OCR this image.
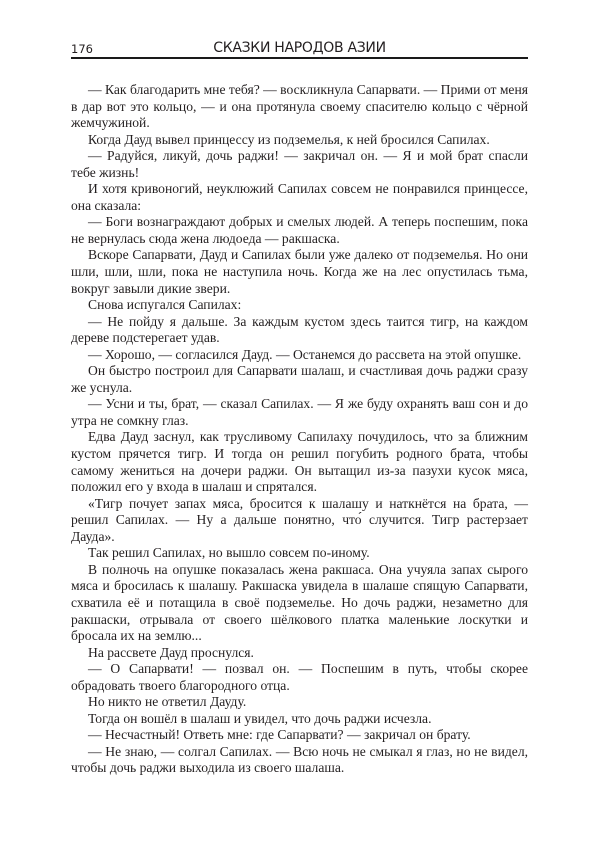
176	СКАЗКИ НАРОДОВ АЗИИ

— Как благодарить мне тебя? — воскликнула Сапарвати. — Прими от меня в дар вот это кольцо, — и она протянула своему спасителю кольцо с чёрной жемчужиной.

Когда Дауд вывел принцессу из подземелья, к ней бросился Сапилах.

— Радуйся, ликуй, дочь раджи! — закричал он. — Я и мой брат спасли тебе жизнь!

И хотя кривоногий, неуклюжий Сапилах совсем не понравился принцессе, она сказала:

— Боги вознаграждают добрых и смелых людей. А теперь поспешим, пока не вернулась сюда жена людоеда — ракшаска.

Вскоре Сапарвати, Дауд и Сапилах были уже далеко от подземелья. Но они шли, шли, шли, пока не наступила ночь. Когда же на лес опустилась тьма, вокруг завыли дикие звери.

Снова испугался Сапилах:

— Не пойду я дальше. За каждым кустом здесь таится тигр, на каждом дереве подстерегает удав.

— Хорошо, — согласился Дауд. — Останемся до рассвета на этой опушке.

Он быстро построил для Сапарвати шалаш, и счастливая дочь раджи сразу же уснула.

— Усни и ты, брат, — сказал Сапилах. — Я же буду охранять ваш сон и до утра не сомкну глаз.

Едва Дауд заснул, как трусливому Сапилаху почудилось, что за ближним кустом прячется тигр. И тогда он решил погубить родного брата, чтобы самому жениться на дочери раджи. Он вытащил из-за пазухи кусок мяса, положил его у входа в шалаш и спрятался.

«Тигр почует запах мяса, бросится к шалашу и наткнётся на брата, — решил Сапилах. — Ну а дальше понятно, что́ случится. Тигр растерзает Дауда».

Так решил Сапилах, но вышло совсем по-иному.

В полночь на опушке показалась жена ракшаса. Она учуяла запах сырого мяса и бросилась к шалашу. Ракшаска увидела в шалаше спящую Сапарвати, схватила её и потащила в своё подземелье. Но дочь раджи, незаметно для ракшаски, отрывала от своего шёлкового платка маленькие лоскутки и бросала их на землю...

На рассвете Дауд проснулся.

— О Сапарвати! — позвал он. — Поспешим в путь, чтобы скорее обрадовать твоего благородного отца.

Но никто не ответил Дауду.

Тогда он вошёл в шалаш и увидел, что дочь раджи исчезла.

— Несчастный! Ответь мне: где Сапарвати? — закричал он брату.

— Не знаю, — солгал Сапилах. — Всю ночь не смыкал я глаз, но не видел, чтобы дочь раджи выходила из своего шалаша.
